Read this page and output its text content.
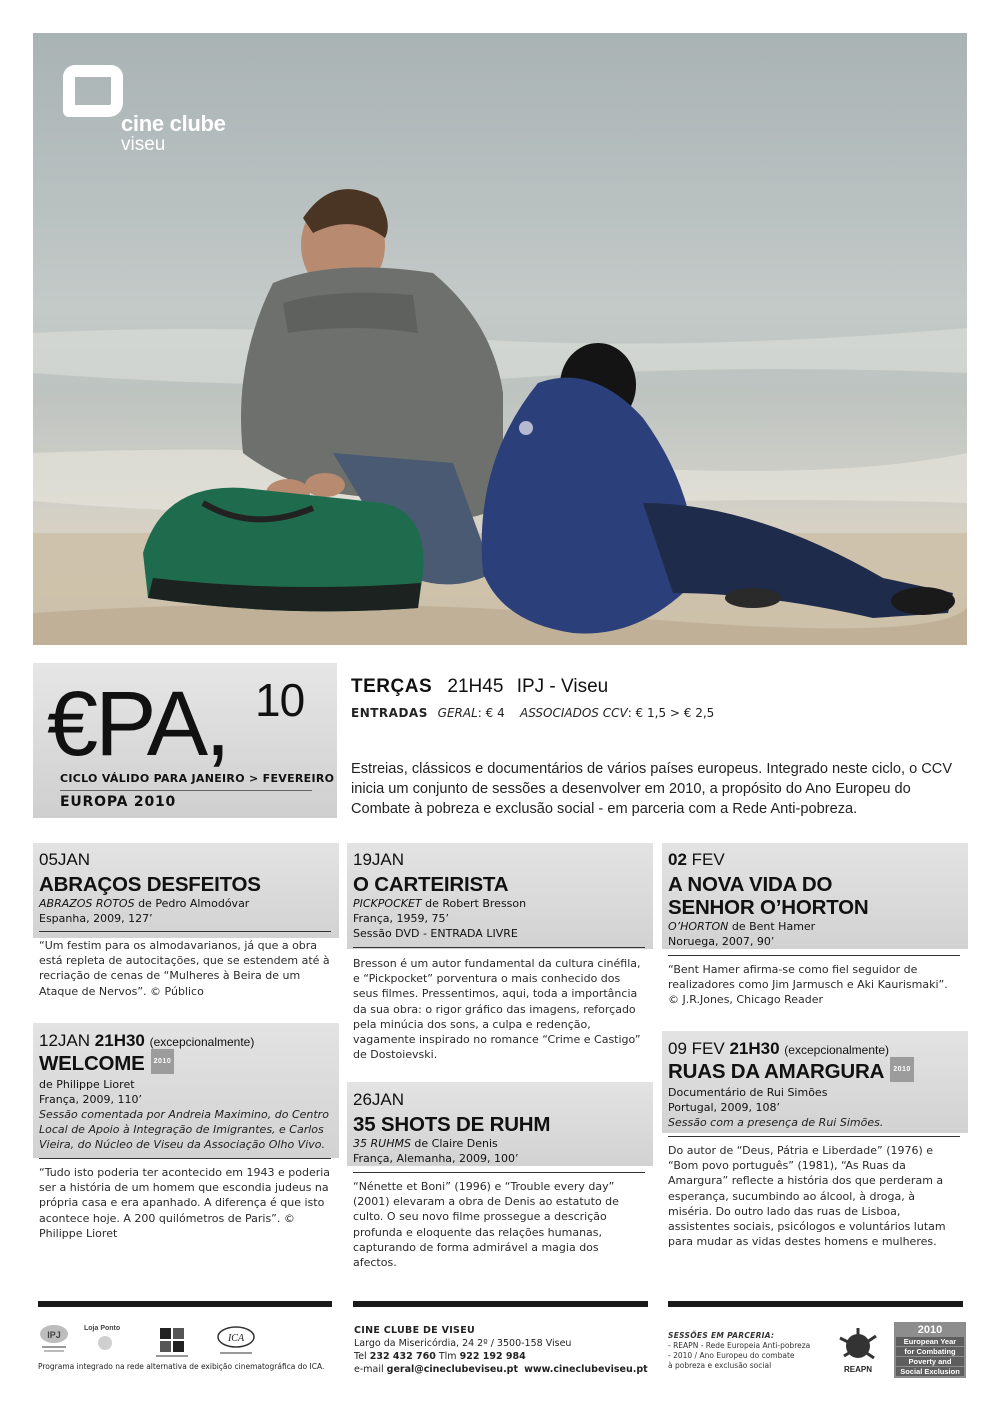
cine clube
viseu
€PA, 10
CICLO VÁLIDO PARA JANEIRO > FEVEREIRO
EUROPA 2010
TERÇAS 21H45 IPJ - Viseu
ENTRADAS GERAL: € 4 ASSOCIADOS CCV: € 1,5 > € 2,5
Estreias, clássicos e documentários de vários países europeus. Integrado neste ciclo, o CCV inicia um conjunto de sessões a desenvolver em 2010, a propósito do Ano Europeu do Combate à pobreza e exclusão social - em parceria com a Rede Anti-pobreza.
05JAN
ABRAÇOS DESFEITOS
ABRAZOS ROTOS de Pedro Almodóvar
Espanha, 2009, 127’
“Um festim para os almodavarianos, já que a obra está repleta de autocitações, que se estendem até à recriação de cenas de “Mulheres à Beira de um Ataque de Nervos”. © Público
12JAN 21H30 (excepcionalmente)
WELCOME 2010
de Philippe Lioret
França, 2009, 110’
Sessão comentada por Andreia Maximino, do Centro Local de Apoio à Integração de Imigrantes, e Carlos Vieira, do Núcleo de Viseu da Associação Olho Vivo.
“Tudo isto poderia ter acontecido em 1943 e poderia ser a história de um homem que escondia judeus na própria casa e era apanhado. A diferença é que isto acontece hoje. A 200 quilómetros de Paris”. © Philippe Lioret
19JAN
O CARTEIRISTA
PICKPOCKET de Robert Bresson
França, 1959, 75’
Sessão DVD - ENTRADA LIVRE
Bresson é um autor fundamental da cultura cinéfila, e “Pickpocket” porventura o mais conhecido dos seus filmes. Pressentimos, aqui, toda a importância da sua obra: o rigor gráfico das imagens, reforçado pela minúcia dos sons, a culpa e redenção, vagamente inspirado no romance “Crime e Castigo” de Dostoievski.
26JAN
35 SHOTS DE RUHM
35 RUHMS de Claire Denis
França, Alemanha, 2009, 100’
“Nénette et Boni” (1996) e “Trouble every day” (2001) elevaram a obra de Denis ao estatuto de culto. O seu novo filme prossegue a descrição profunda e eloquente das relações humanas, capturando de forma admirável a magia dos afectos.
02 FEV
A NOVA VIDA DO
SENHOR O’HORTON
O’HORTON de Bent Hamer
Noruega, 2007, 90’
“Bent Hamer afirma-se como fiel seguidor de realizadores como Jim Jarmusch e Aki Kaurismaki”. © J.R.Jones, Chicago Reader
09 FEV 21H30 (excepcionalmente)
RUAS DA AMARGURA 2010
Documentário de Rui Simões
Portugal, 2009, 108’
Sessão com a presença de Rui Simões.
Do autor de “Deus, Pátria e Liberdade” (1976) e “Bom povo português” (1981), “As Ruas da Amargura” reflecte a história dos que perderam a esperança, sucumbindo ao álcool, à droga, à miséria. Do outro lado das ruas de Lisboa, assistentes sociais, psicólogos e voluntários lutam para mudar as vidas destes homens e mulheres.
IPJ
Loja Ponto
ICA
Programa integrado na rede alternativa de exibição cinematográfica do ICA.
CINE CLUBE DE VISEU
Largo da Misericórdia, 24 2º / 3500-158 Viseu
Tel 232 432 760 Tlm 922 192 984
e-mail geral@cineclubeviseu.pt www.cineclubeviseu.pt
SESSÕES EM PARCERIA:
- REAPN - Rede Europeia Anti-pobreza
- 2010 / Ano Europeu do combate
à pobreza e exclusão social	REAPN
2010
European Year
for Combating
Poverty and
Social Exclusion
